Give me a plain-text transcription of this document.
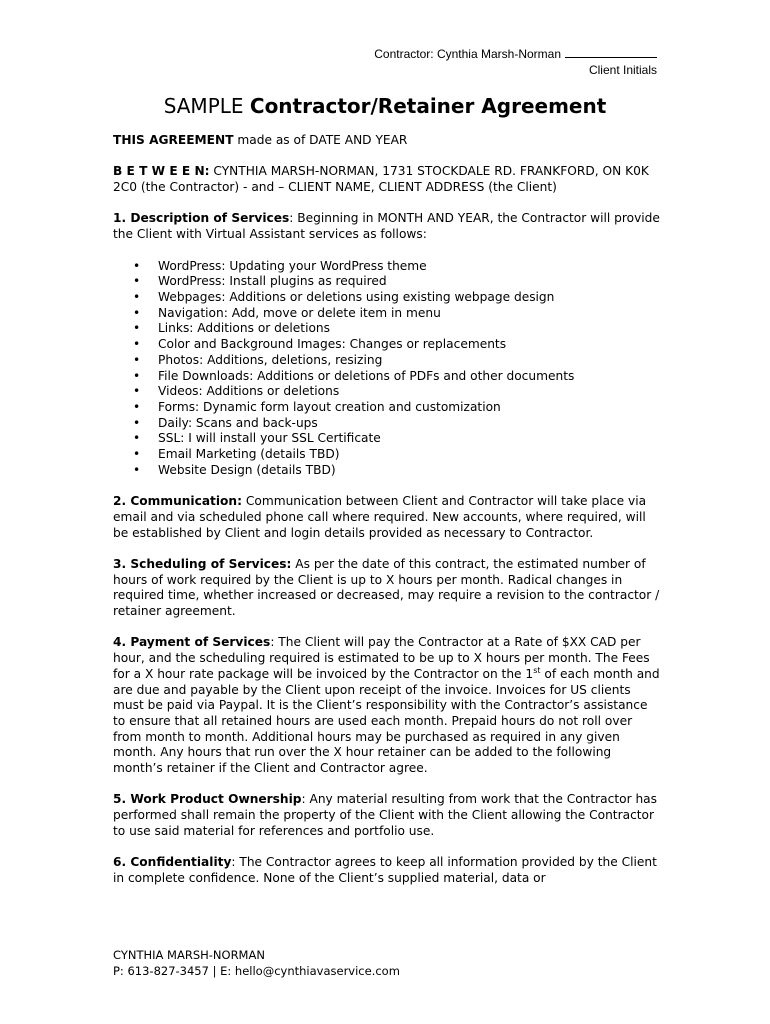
Contractor: Cynthia Marsh-Norman
Client Initials
SAMPLE Contractor/Retainer Agreement

THIS AGREEMENT made as of DATE AND YEAR

B E T W E E N: CYNTHIA MARSH-NORMAN, 1731 STOCKDALE RD. FRANKFORD, ON K0K 2C0 (the Contractor) - and – CLIENT NAME, CLIENT ADDRESS (the Client)

1. Description of Services: Beginning in MONTH AND YEAR, the Contractor will provide the Client with Virtual Assistant services as follows:

• WordPress: Updating your WordPress theme
• WordPress: Install plugins as required
• Webpages: Additions or deletions using existing webpage design
• Navigation: Add, move or delete item in menu
• Links: Additions or deletions
• Color and Background Images: Changes or replacements
• Photos: Additions, deletions, resizing
• File Downloads: Additions or deletions of PDFs and other documents
• Videos: Additions or deletions
• Forms: Dynamic form layout creation and customization
• Daily: Scans and back-ups
• SSL: I will install your SSL Certificate
• Email Marketing (details TBD)
• Website Design (details TBD)

2. Communication: Communication between Client and Contractor will take place via email and via scheduled phone call where required. New accounts, where required, will be established by Client and login details provided as necessary to Contractor.

3. Scheduling of Services: As per the date of this contract, the estimated number of hours of work required by the Client is up to X hours per month. Radical changes in required time, whether increased or decreased, may require a revision to the contractor / retainer agreement.

4. Payment of Services: The Client will pay the Contractor at a Rate of $XX CAD per hour, and the scheduling required is estimated to be up to X hours per month. The Fees for a X hour rate package will be invoiced by the Contractor on the 1st of each month and are due and payable by the Client upon receipt of the invoice. Invoices for US clients must be paid via Paypal. It is the Client’s responsibility with the Contractor’s assistance to ensure that all retained hours are used each month. Prepaid hours do not roll over from month to month. Additional hours may be purchased as required in any given month. Any hours that run over the X hour retainer can be added to the following month’s retainer if the Client and Contractor agree.

5. Work Product Ownership: Any material resulting from work that the Contractor has performed shall remain the property of the Client with the Client allowing the Contractor to use said material for references and portfolio use.

6. Confidentiality: The Contractor agrees to keep all information provided by the Client in complete confidence. None of the Client’s supplied material, data or

CYNTHIA MARSH-NORMAN
P: 613-827-3457 | E: hello@cynthiavaservice.com
